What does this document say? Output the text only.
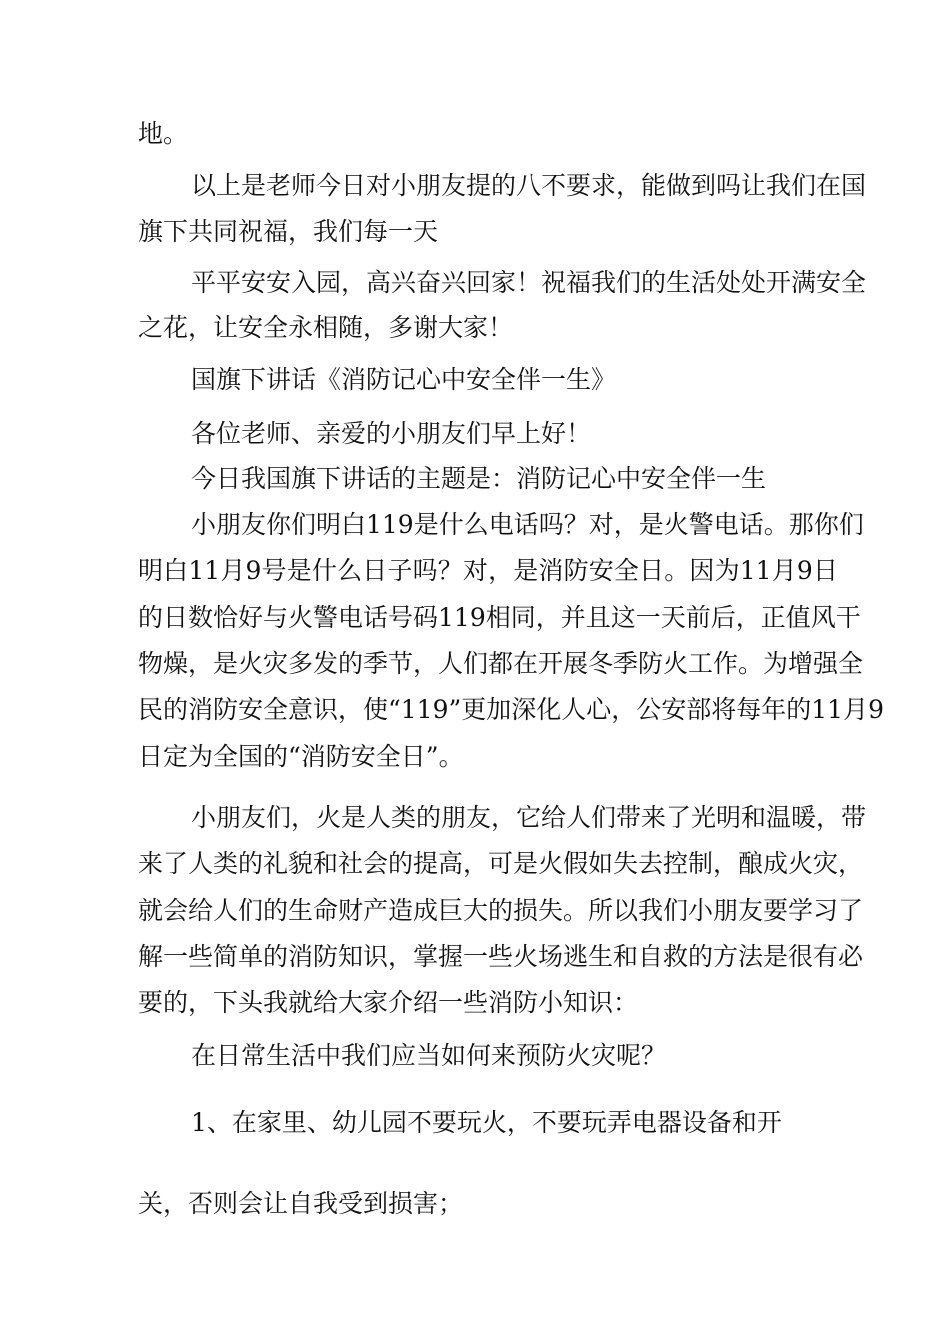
地。
以上是老师今日对小朋友提的八不要求，能做到吗让我们在国
旗下共同祝福，我们每一天
平平安安入园，高兴奋兴回家！祝福我们的生活处处开满安全
之花，让安全永相随，多谢大家！
国旗下讲话《消防记心中安全伴一生》
各位老师、亲爱的小朋友们早上好！
今日我国旗下讲话的主题是：消防记心中安全伴一生
小朋友你们明白119是什么电话吗？对，是火警电话。那你们
明白11月9号是什么日子吗？对，是消防安全日。因为11月9日
的日数恰好与火警电话号码119相同，并且这一天前后，正值风干
物燥，是火灾多发的季节，人们都在开展冬季防火工作。为增强全
民的消防安全意识，使“119”更加深化人心，公安部将每年的11月9
日定为全国的“消防安全日”。
小朋友们，火是人类的朋友，它给人们带来了光明和温暖，带
来了人类的礼貌和社会的提高，可是火假如失去控制，酿成火灾，
就会给人们的生命财产造成巨大的损失。所以我们小朋友要学习了
解一些简单的消防知识，掌握一些火场逃生和自救的方法是很有必
要的，下头我就给大家介绍一些消防小知识：
在日常生活中我们应当如何来预防火灾呢？
1、在家里、幼儿园不要玩火，不要玩弄电器设备和开
关，否则会让自我受到损害；
